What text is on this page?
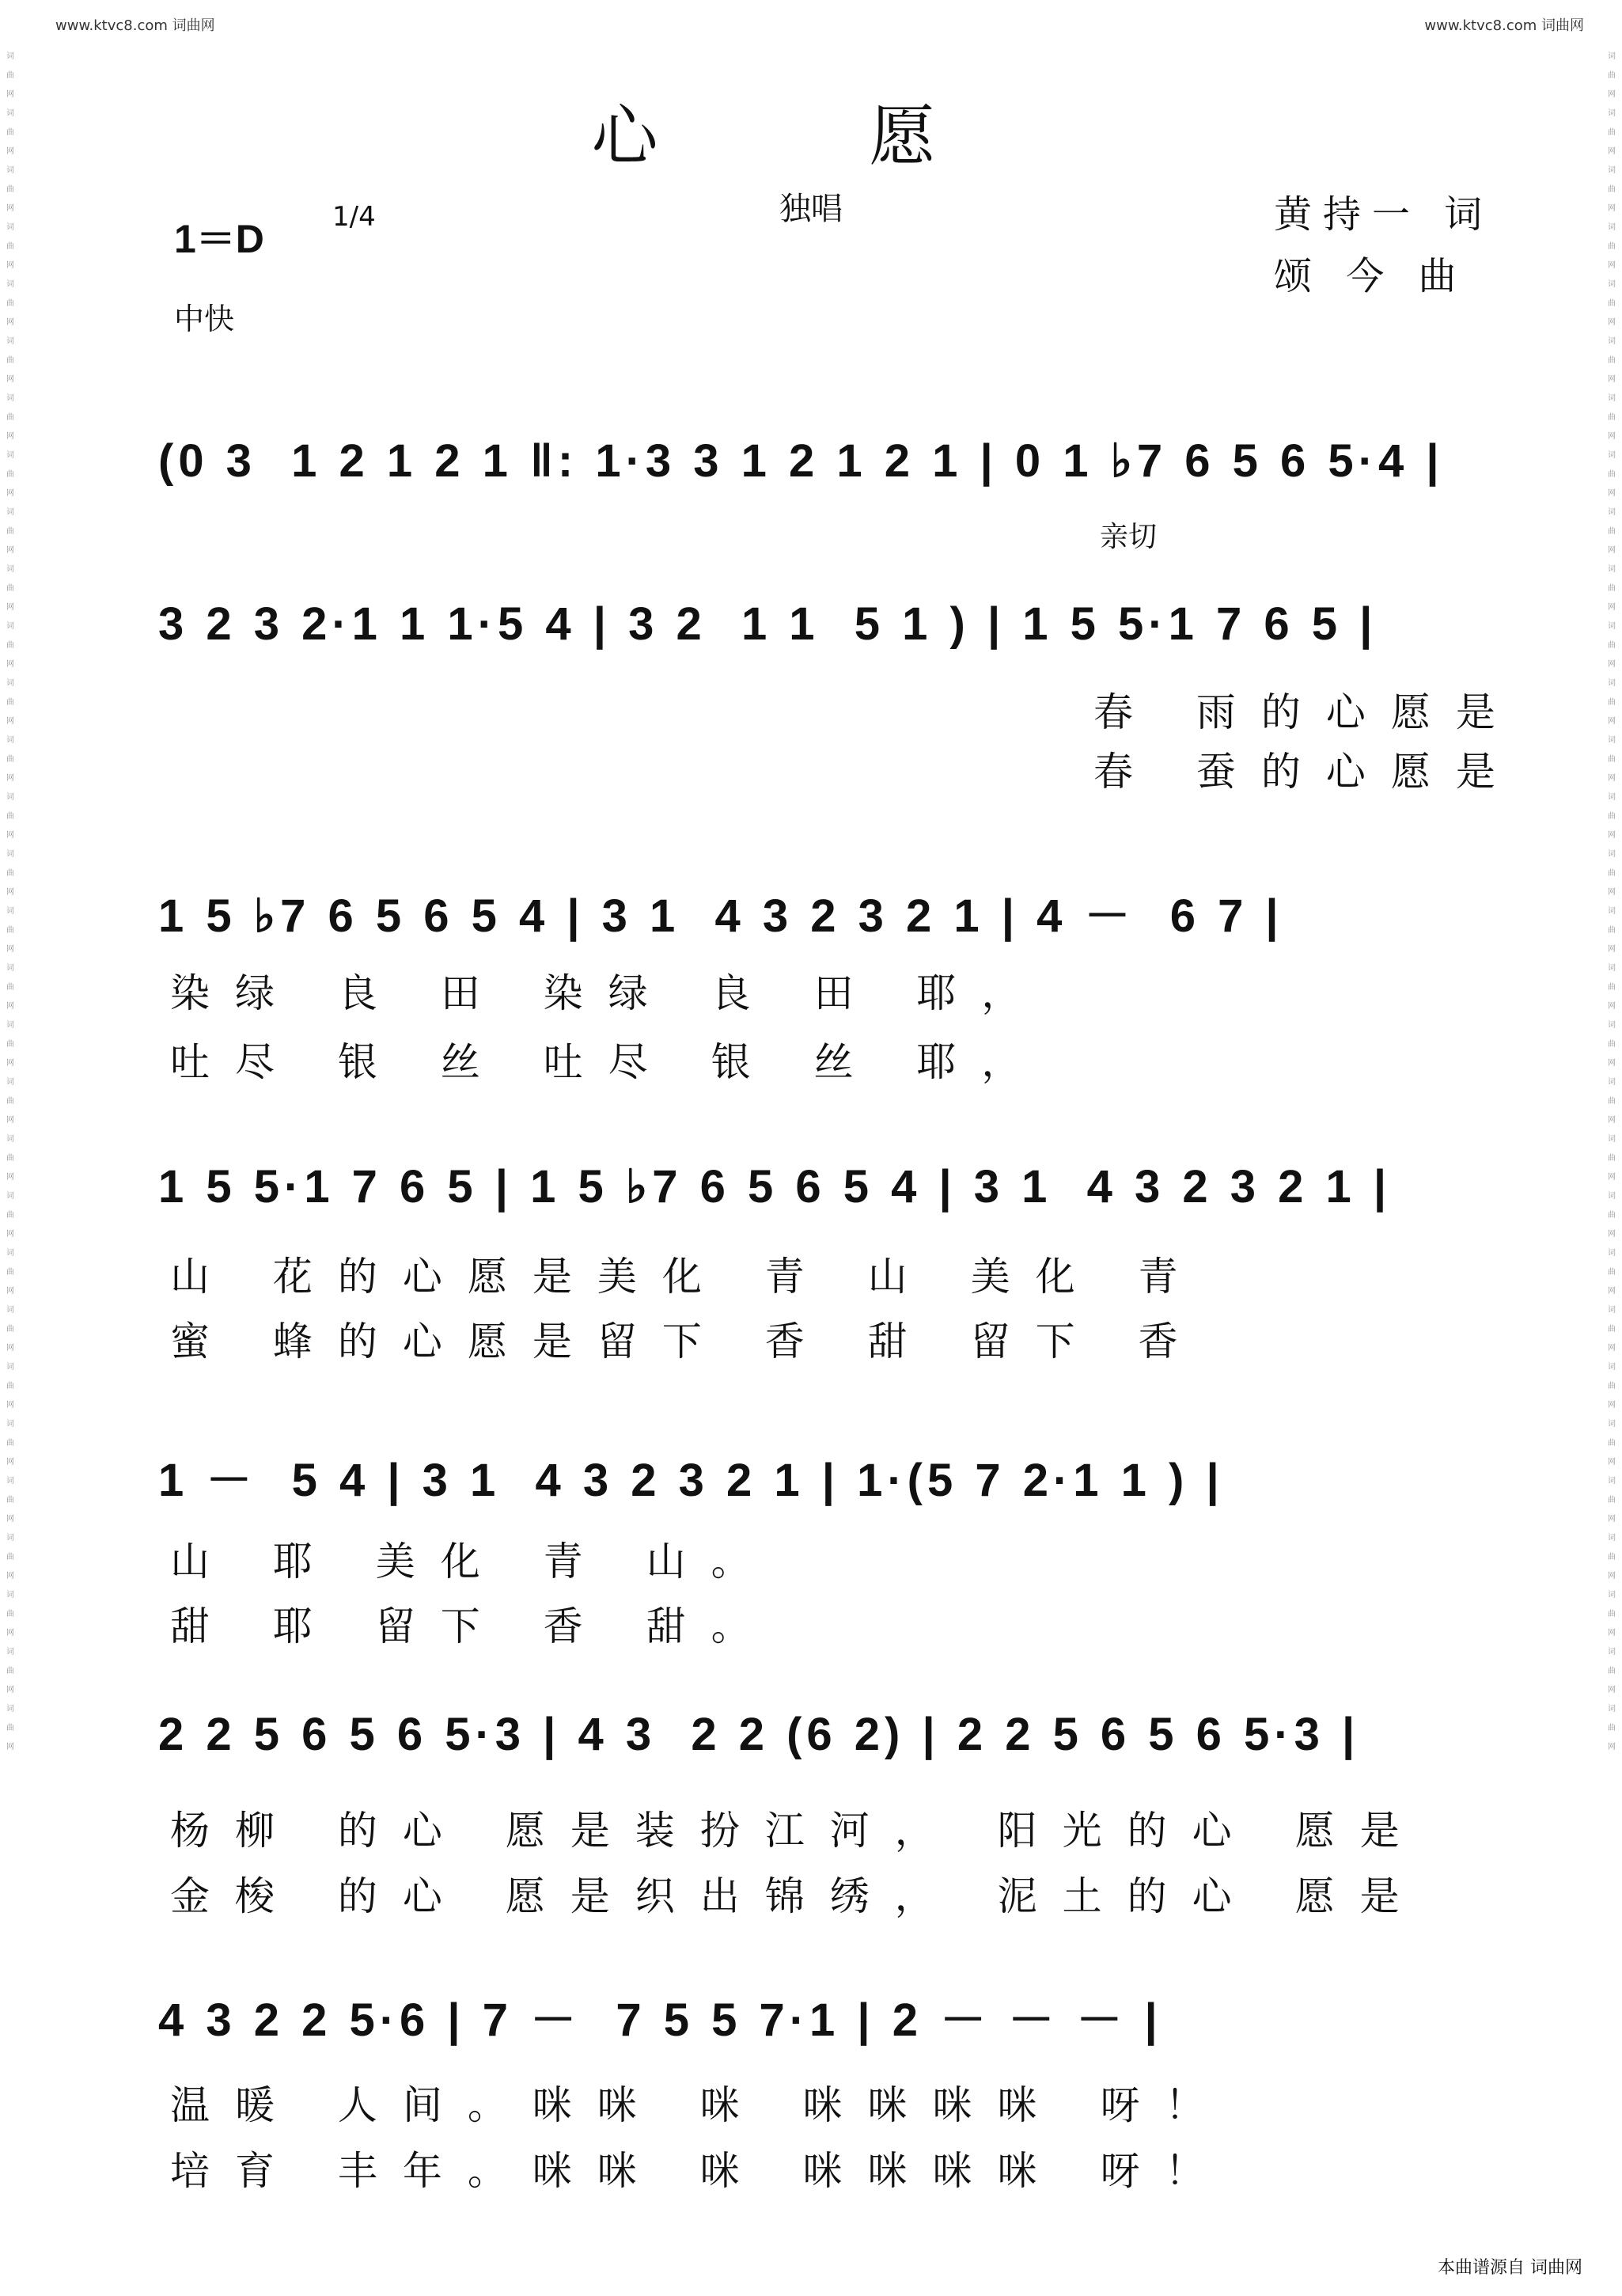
www.ktvc8.com 词曲网	www.ktvc8.com 词曲网
词曲网
词曲网
词曲网
词曲网
词曲网
词曲网
词曲网
词曲网
词曲网
词曲网
词曲网
词曲网
词曲网
词曲网
词曲网
词曲网
词曲网
词曲网
词曲网
词曲网
词曲网
词曲网
词曲网
词曲网
词曲网
词曲网
词曲网
词曲网
词曲网
词曲网
词曲网
词曲网
词曲网
词曲网
词曲网
词曲网
词曲网
词曲网
词曲网
词曲网
词曲网
词曲网
词曲网
词曲网
词曲网
词曲网
词曲网
词曲网
词曲网
词曲网
词曲网
词曲网
词曲网
词曲网
词曲网
词曲网
词曲网
词曲网
词曲网
词曲网
心 愿
独唱
1＝D	1/4
中快
黄持一 词
颂 今 曲
亲切
(0 3  1 2 1 2 1 ‖: 1·3 3 1 2 1 2 1 | 0 1 ♭7 6 5 6 5·4 |
3 2 3 2·1 1 1·5 4 | 3 2  1 1  5 1 ) | 1 5 5·1 7 6 5 |
春 雨的心愿是
春 蚕的心愿是
1 5 ♭7 6 5 6 5 4 | 3 1  4 3 2 3 2 1 | 4 －  6 7 |
染绿 良 田 染绿 良 田 耶，
吐尽 银 丝 吐尽 银 丝 耶，
1 5 5·1 7 6 5 | 1 5 ♭7 6 5 6 5 4 | 3 1  4 3 2 3 2 1 |
山 花的心愿是美化 青 山 美化 青
蜜 蜂的心愿是留下 香 甜 留下 香
1 －  5 4 | 3 1  4 3 2 3 2 1 | 1·(5 7 2·1 1 ) |
山 耶 美化 青 山。
甜 耶 留下 香 甜。
2 2 5 6 5 6 5·3 | 4 3  2 2 (6 2) | 2 2 5 6 5 6 5·3 |
杨柳 的心 愿是装扮江河， 阳光的心 愿是
金梭 的心 愿是织出锦绣， 泥土的心 愿是
4 3 2 2 5·6 | 7 －  7 5 5 7·1 | 2 － － － |
温暖 人间。咪咪 咪 咪咪咪咪 呀！
培育 丰年。咪咪 咪 咪咪咪咪 呀！
本曲谱源自 词曲网
